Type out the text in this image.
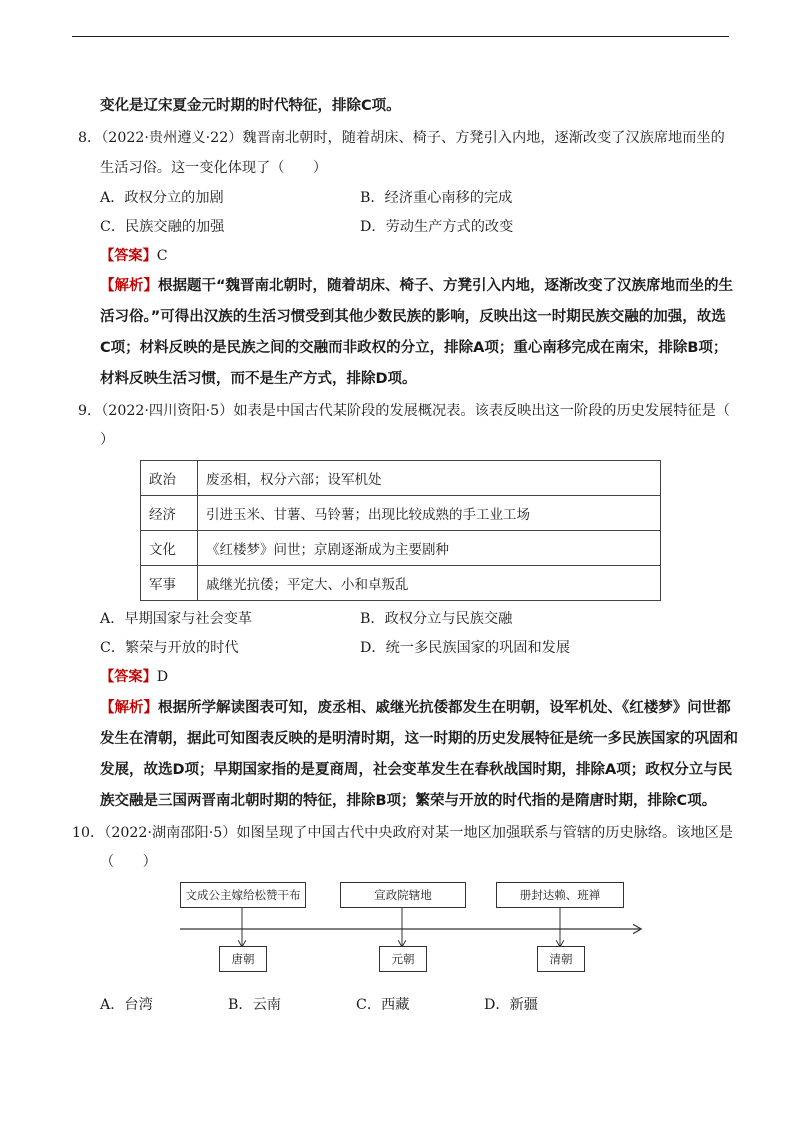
变化是辽宋夏金元时期的时代特征，排除C项。
8．（2022·贵州遵义·22）魏晋南北朝时，随着胡床、椅子、方凳引入内地，逐渐改变了汉族席地而坐的
生活习俗。这一变化体现了（　　）
A．政权分立的加剧	B．经济重心南移的完成
C．民族交融的加强	D．劳动生产方式的改变
【答案】C
【解析】根据题干“魏晋南北朝时，随着胡床、椅子、方凳引入内地，逐渐改变了汉族席地而坐的生
活习俗。”可得出汉族的生活习惯受到其他少数民族的影响，反映出这一时期民族交融的加强，故选
C项；材料反映的是民族之间的交融而非政权的分立，排除A项；重心南移完成在南宋，排除B项；
材料反映生活习惯，而不是生产方式，排除D项。
9．（2022·四川资阳·5）如表是中国古代某阶段的发展概况表。该表反映出这一阶段的历史发展特征是（
）
政治	废丞相，权分六部；设军机处
经济	引进玉米、甘薯、马铃薯；出现比较成熟的手工业工场
文化	《红楼梦》问世；京剧逐渐成为主要剧种
军事	戚继光抗倭；平定大、小和卓叛乱
A．早期国家与社会变革	B．政权分立与民族交融
C．繁荣与开放的时代	D．统一多民族国家的巩固和发展
【答案】D
【解析】根据所学解读图表可知，废丞相、戚继光抗倭都发生在明朝，设军机处、《红楼梦》问世都
发生在清朝，据此可知图表反映的是明清时期，这一时期的历史发展特征是统一多民族国家的巩固和
发展，故选D项；早期国家指的是夏商周，社会变革发生在春秋战国时期，排除A项；政权分立与民
族交融是三国两晋南北朝时期的特征，排除B项；繁荣与开放的时代指的是隋唐时期，排除C项。
10．（2022·湖南邵阳·5）如图呈现了中国古代中央政府对某一地区加强联系与管辖的历史脉络。该地区是
（　　）
文成公主嫁给松赞干布	宣政院辖地	册封达赖、班禅
唐朝	元朝	清朝
A．台湾	B．云南	C．西藏	D．新疆
